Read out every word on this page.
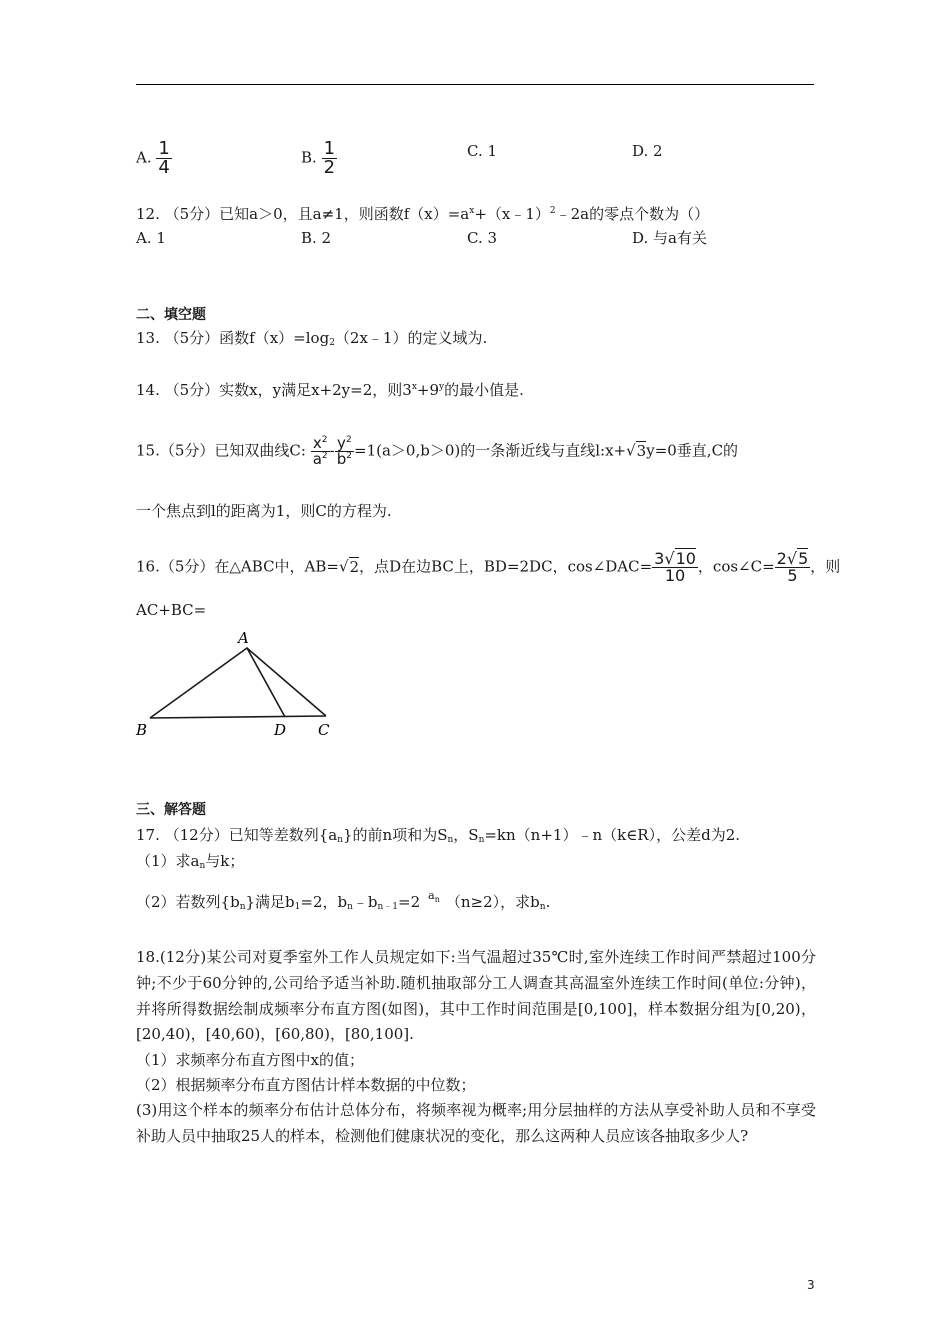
A. $\frac{1}{4}$	B. $\frac{1}{2}$	C. 1	D. 2
12. （5分）已知a＞0，且a≠1，则函数$f(x)=a^x+(x﹣1)^2﹣2a$的零点个数为（）
A. 1	B. 2	C. 3	D. 与a有关
二、填空题
13. （5分）函数$f(x)=\log_2(2x﹣1)$的定义域为.
14. （5分）实数x，y满足x+2y=2，则$3^x+9^y$的最小值是.
15.（5分）已知双曲线C: $\frac{x^2}{a^2} - \frac{y^2}{b^2} =1(a>0,b>0)$的一条渐近线与直线l:x+√3y=0垂直,C的
一个焦点到l的距离为1，则C的方程为.
16.（5分）在△ABC中，AB=√2，点D在边BC上，BD=2DC，cos∠DAC= $\frac{3√10}{10}$ ，cos∠C= $\frac{2√5}{5}$ ，则
AC+BC=
A
B	D C
三、解答题
17. （12分）已知等差数列$\{a_n\}$的前n项和为$S_n$，$S_n=kn(n+1)﹣n(k\in R)$，公差d为2.
（1）求$a_n$与k；
（2）若数列$\{b_n\}$满足$b_1=2$，$b_n﹣b_{n﹣1}=2$ $^{a_n}$ （n≥2），求$b_n$.
18.(12分)某公司对夏季室外工作人员规定如下:当气温超过35℃时,室外连续工作时间严禁超过100分钟;不少于60分钟的,公司给予适当补助.随机抽取部分工人调查其高温室外连续工作时间(单位:分钟)，并将所得数据绘制成频率分布直方图(如图)，其中工作时间范围是[0,100]，样本数据分组为[0,20)，[20,40)，[40,60)，[60,80)，[80,100].
（1）求频率分布直方图中x的值；
（2）根据频率分布直方图估计样本数据的中位数；
(3)用这个样本的频率分布估计总体分布，将频率视为概率;用分层抽样的方法从享受补助人员和不享受补助人员中抽取25人的样本，检测他们健康状况的变化，那么这两种人员应该各抽取多少人?
3
